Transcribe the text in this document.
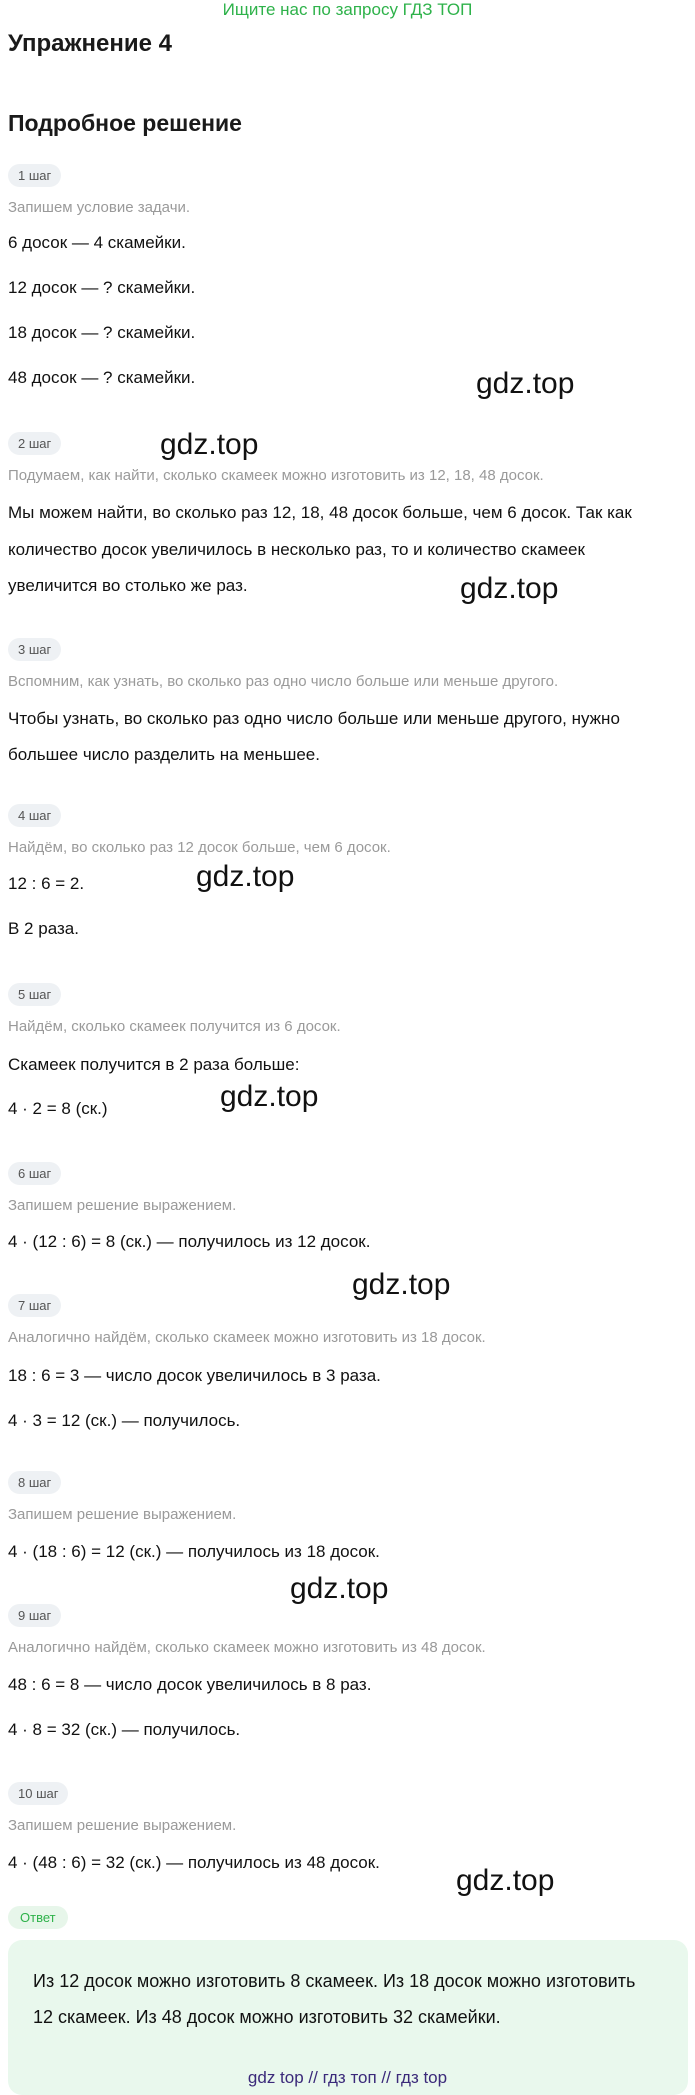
Ищите нас по запросу ГДЗ ТОП
Упражнение 4
Подробное решение
1 шаг
Запишем условие задачи.
6 досок — 4 скамейки.
12 досок — ? скамейки.
18 досок — ? скамейки.
48 досок — ? скамейки.	gdz.top
2 шаг	gdz.top
Подумаем, как найти, сколько скамеек можно изготовить из 12, 18, 48 досок.
Мы можем найти, во сколько раз 12, 18, 48 досок больше, чем 6 досок. Так как
количество досок увеличилось в несколько раз, то и количество скамеек
увеличится во столько же раз.	gdz.top
3 шаг
Вспомним, как узнать, во сколько раз одно число больше или меньше другого.
Чтобы узнать, во сколько раз одно число больше или меньше другого, нужно
большее число разделить на меньшее.
4 шаг
Найдём, во сколько раз 12 досок больше, чем 6 досок.
12 : 6 = 2.	gdz.top
В 2 раза.
5 шаг
Найдём, сколько скамеек получится из 6 досок.
Скамеек получится в 2 раза больше:
gdz.top
4 · 2 = 8 (ск.)
6 шаг
Запишем решение выражением.
4 · (12 : 6) = 8 (ск.) — получилось из 12 досок.
gdz.top
7 шаг
Аналогично найдём, сколько скамеек можно изготовить из 18 досок.
18 : 6 = 3 — число досок увеличилось в 3 раза.
4 · 3 = 12 (ск.) — получилось.
8 шаг
Запишем решение выражением.
4 · (18 : 6) = 12 (ск.) — получилось из 18 досок.
gdz.top
9 шаг
Аналогично найдём, сколько скамеек можно изготовить из 48 досок.
48 : 6 = 8 — число досок увеличилось в 8 раз.
4 · 8 = 32 (ск.) — получилось.
10 шаг
Запишем решение выражением.
4 · (48 : 6) = 32 (ск.) — получилось из 48 досок.
gdz.top
Ответ
Из 12 досок можно изготовить 8 скамеек. Из 18 досок можно изготовить
12 скамеек. Из 48 досок можно изготовить 32 скамейки.
gdz top // гдз топ // гдз top
